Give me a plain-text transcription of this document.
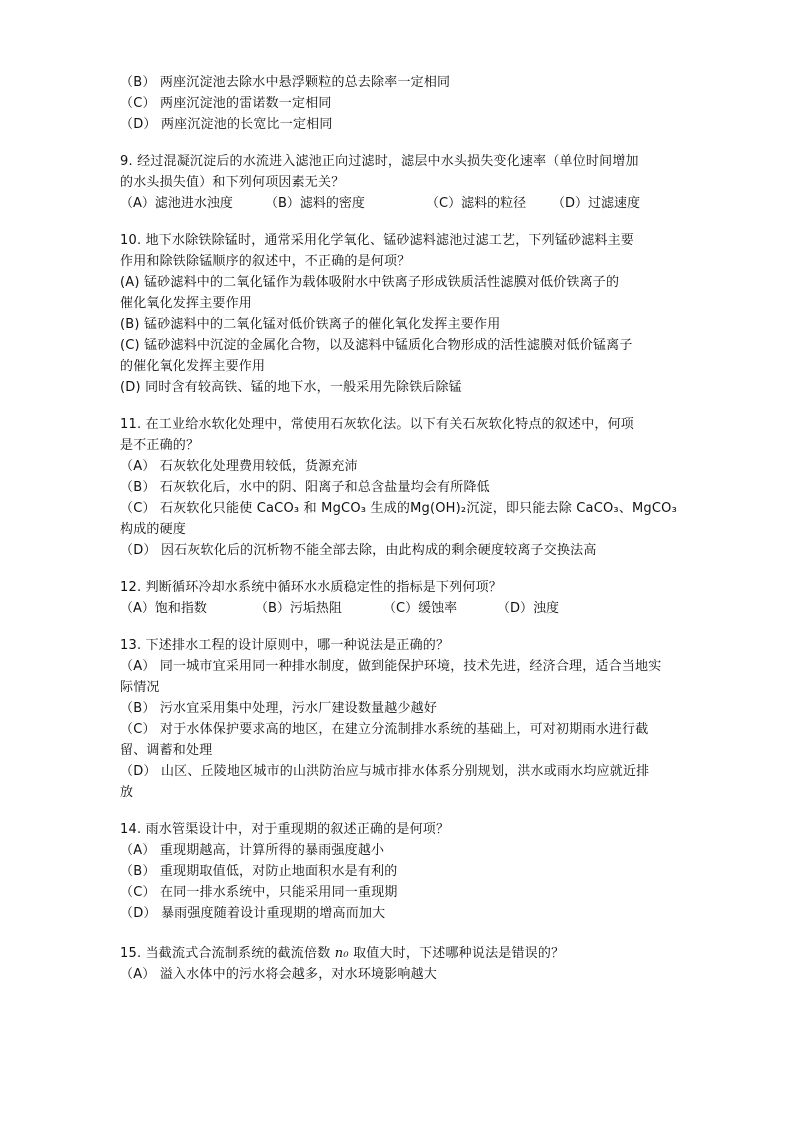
（B） 两座沉淀池去除水中悬浮颗粒的总去除率一定相同
（C） 两座沉淀池的雷诺数一定相同
（D） 两座沉淀池的长宽比一定相同
9. 经过混凝沉淀后的水流进入滤池正向过滤时，滤层中水头损失变化速率（单位时间增加
的水头损失值）和下列何项因素无关？
（A）滤池进水浊度 （B）滤料的密度	（C）滤料的粒径 （D）过滤速度
10. 地下水除铁除锰时，通常采用化学氧化、锰砂滤料滤池过滤工艺，下列锰砂滤料主要
作用和除铁除锰顺序的叙述中，不正确的是何项？
(A) 锰砂滤料中的二氧化锰作为载体吸附水中铁离子形成铁质活性滤膜对低价铁离子的
催化氧化发挥主要作用
(B) 锰砂滤料中的二氧化锰对低价铁离子的催化氧化发挥主要作用
(C) 锰砂滤料中沉淀的金属化合物，以及滤料中锰质化合物形成的活性滤膜对低价锰离子
的催化氧化发挥主要作用
(D) 同时含有较高铁、锰的地下水，一般采用先除铁后除锰
11. 在工业给水软化处理中，常使用石灰软化法。以下有关石灰软化特点的叙述中，何项
是不正确的？
（A） 石灰软化处理费用较低，货源充沛
（B） 石灰软化后，水中的阴、阳离子和总含盐量均会有所降低
（C） 石灰软化只能使 CaCO₃ 和 MgCO₃ 生成的Mg(OH)₂沉淀，即只能去除 CaCO₃、MgCO₃
构成的硬度
（D） 因石灰软化后的沉析物不能全部去除，由此构成的剩余硬度较离子交换法高
12. 判断循环冷却水系统中循环水水质稳定性的指标是下列何项？
（A）饱和指数	（B）污垢热阻	（C）缓蚀率	（D）浊度
13. 下述排水工程的设计原则中，哪一种说法是正确的？
（A） 同一城市宜采用同一种排水制度，做到能保护环境，技术先进，经济合理，适合当地实
际情况
（B） 污水宜采用集中处理，污水厂建设数量越少越好
（C） 对于水体保护要求高的地区，在建立分流制排水系统的基础上，可对初期雨水进行截
留、调蓄和处理
（D） 山区、丘陵地区城市的山洪防治应与城市排水体系分别规划，洪水或雨水均应就近排
放
14. 雨水管渠设计中，对于重现期的叙述正确的是何项？
（A） 重现期越高，计算所得的暴雨强度越小
（B） 重现期取值低，对防止地面积水是有利的
（C） 在同一排水系统中，只能采用同一重现期
（D） 暴雨强度随着设计重现期的增高而加大
15. 当截流式合流制系统的截流倍数 n₀ 取值大时，下述哪种说法是错误的？
（A） 溢入水体中的污水将会越多，对水环境影响越大
